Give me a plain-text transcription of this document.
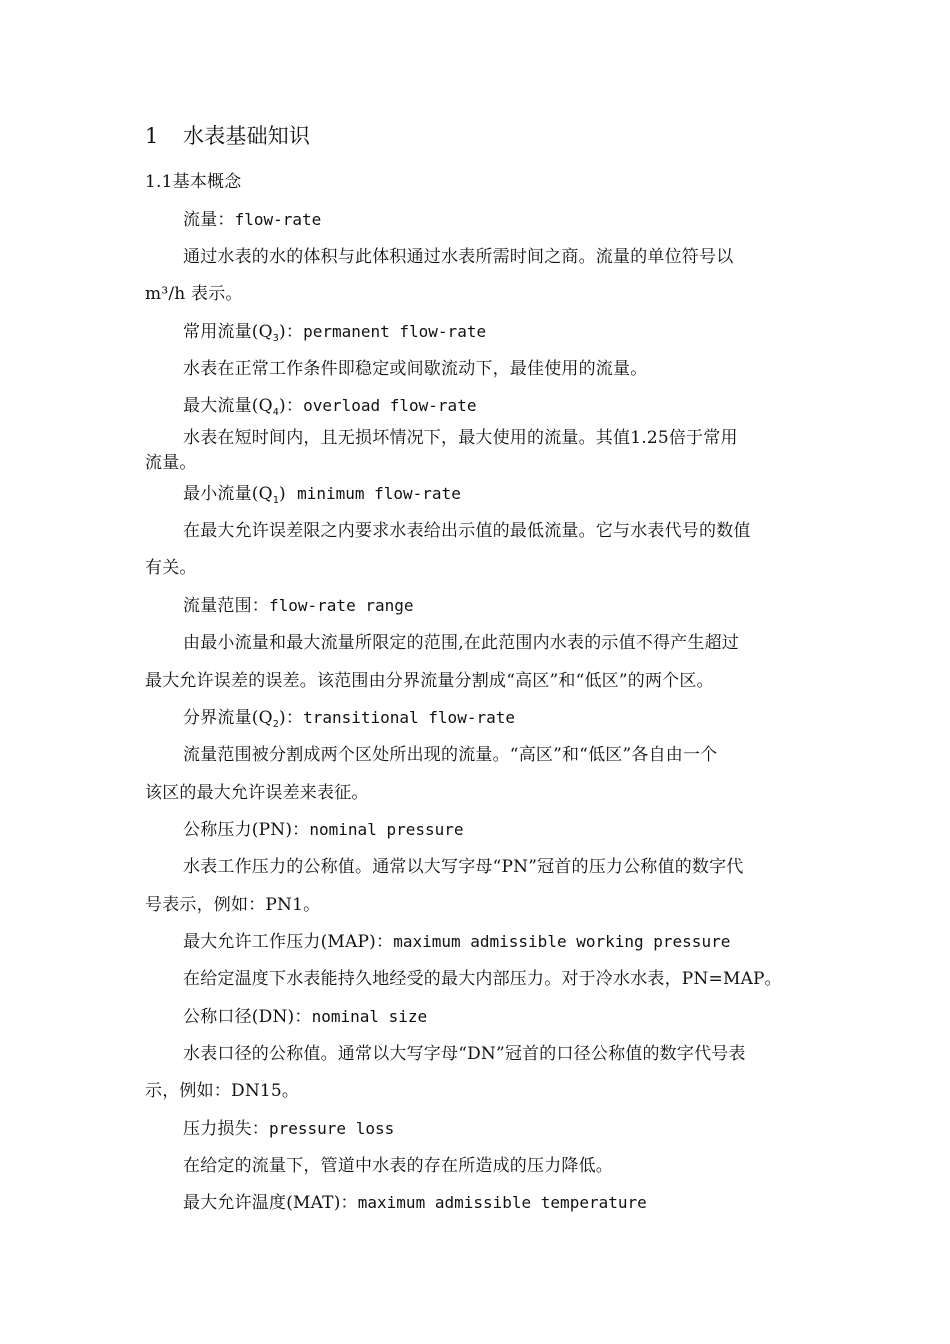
1 水表基础知识
1.1基本概念
流量：flow-rate
通过水表的水的体积与此体积通过水表所需时间之商。流量的单位符号以
m³/h 表示。
常用流量$(Q_3)$：permanent flow-rate
水表在正常工作条件即稳定或间歇流动下，最佳使用的流量。
最大流量$(Q_4)$：overload flow-rate
水表在短时间内，且无损坏情况下，最大使用的流量。其值1.25倍于常用
流量。
最小流量$(Q_1)$  minimum flow-rate
在最大允许误差限之内要求水表给出示值的最低流量。它与水表代号的数值
有关。
流量范围：flow-rate range
由最小流量和最大流量所限定的范围,在此范围内水表的示值不得产生超过
最大允许误差的误差。该范围由分界流量分割成“高区”和“低区”的两个区。
分界流量$(Q_2)$：transitional flow-rate
流量范围被分割成两个区处所出现的流量。“高区”和“低区”各自由一个
该区的最大允许误差来表征。
公称压力(PN)：nominal pressure
水表工作压力的公称值。通常以大写字母“PN”冠首的压力公称值的数字代
号表示，例如：PN1。
最大允许工作压力(MAP)：maximum admissible working pressure
在给定温度下水表能持久地经受的最大内部压力。对于冷水水表，PN=MAP。
公称口径(DN)：nominal size
水表口径的公称值。通常以大写字母“DN”冠首的口径公称值的数字代号表
示，例如：DN15。
压力损失：pressure loss
在给定的流量下，管道中水表的存在所造成的压力降低。
最大允许温度(MAT)：maximum admissible temperature
